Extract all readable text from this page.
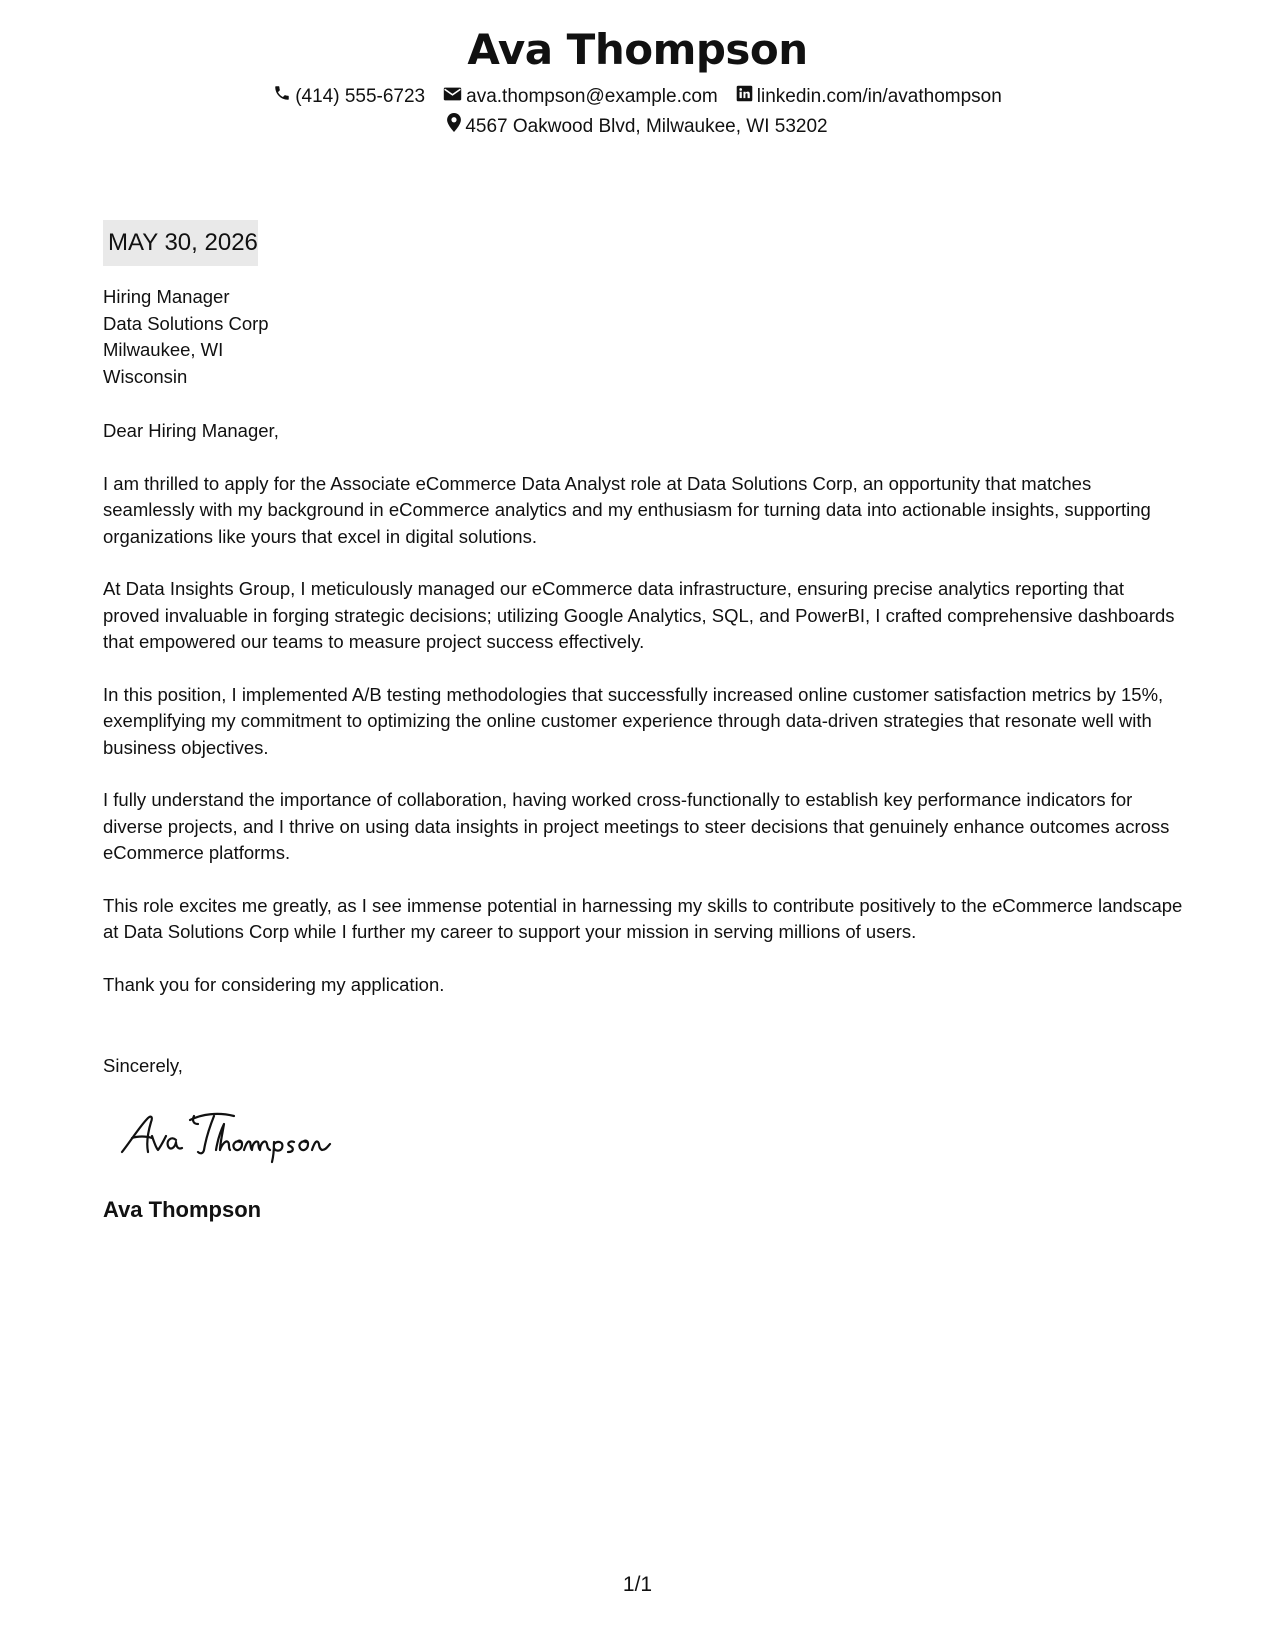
Ava Thompson
(414) 555-6723 ava.thompson@example.com linkedin.com/in/avathompson
4567 Oakwood Blvd, Milwaukee, WI 53202
MAY 30, 2026
Hiring Manager
Data Solutions Corp
Milwaukee, WI
Wisconsin

Dear Hiring Manager,

I am thrilled to apply for the Associate eCommerce Data Analyst role at Data Solutions Corp, an opportunity that matches seamlessly with my background in eCommerce analytics and my enthusiasm for turning data into actionable insights, supporting organizations like yours that excel in digital solutions.

At Data Insights Group, I meticulously managed our eCommerce data infrastructure, ensuring precise analytics reporting that proved invaluable in forging strategic decisions; utilizing Google Analytics, SQL, and PowerBI, I crafted comprehensive dashboards that empowered our teams to measure project success effectively.

In this position, I implemented A/B testing methodologies that successfully increased online customer satisfaction metrics by 15%, exemplifying my commitment to optimizing the online customer experience through data-driven strategies that resonate well with business objectives.

I fully understand the importance of collaboration, having worked cross-functionally to establish key performance indicators for diverse projects, and I thrive on using data insights in project meetings to steer decisions that genuinely enhance outcomes across eCommerce platforms.

This role excites me greatly, as I see immense potential in harnessing my skills to contribute positively to the eCommerce landscape at Data Solutions Corp while I further my career to support your mission in serving millions of users.

Thank you for considering my application.

Sincerely,
Ava Thompson
1/1
